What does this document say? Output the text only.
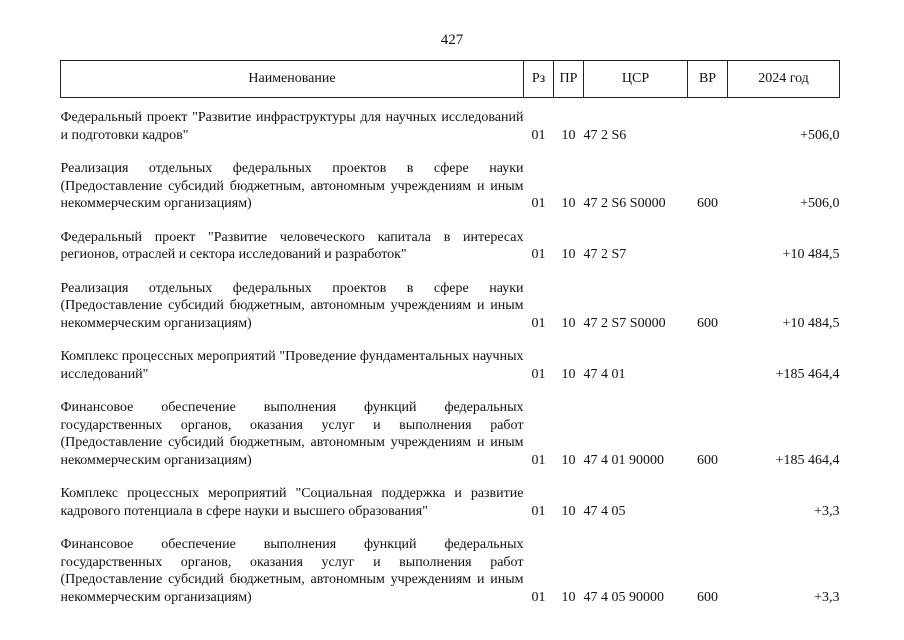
427
Наименование	Рз	ПР	ЦСР	ВР	2024 год

Федеральный проект "Развитие инфраструктуры для научных исследований и подготовки кадров"	01	10	47 2 S6		+506,0

Реализация отдельных федеральных проектов в сфере науки (Предоставление субсидий бюджетным, автономным учреждениям и иным некоммерческим организациям)	01	10	47 2 S6 S0000	600	+506,0

Федеральный проект "Развитие человеческого капитала в интересах регионов, отраслей и сектора исследований и разработок"	01	10	47 2 S7		+10 484,5

Реализация отдельных федеральных проектов в сфере науки (Предоставление субсидий бюджетным, автономным учреждениям и иным некоммерческим организациям)	01	10	47 2 S7 S0000	600	+10 484,5

Комплекс процессных мероприятий "Проведение фундаментальных научных исследований"	01	10	47 4 01		+185 464,4

Финансовое обеспечение выполнения функций федеральных государственных органов, оказания услуг и выполнения работ (Предоставление субсидий бюджетным, автономным учреждениям и иным некоммерческим организациям)	01	10	47 4 01 90000	600	+185 464,4

Комплекс процессных мероприятий "Социальная поддержка и развитие кадрового потенциала в сфере науки и высшего образования"	01	10	47 4 05		+3,3

Финансовое обеспечение выполнения функций федеральных государственных органов, оказания услуг и выполнения работ (Предоставление субсидий бюджетным, автономным учреждениям и иным некоммерческим организациям)	01	10	47 4 05 90000	600	+3,3
